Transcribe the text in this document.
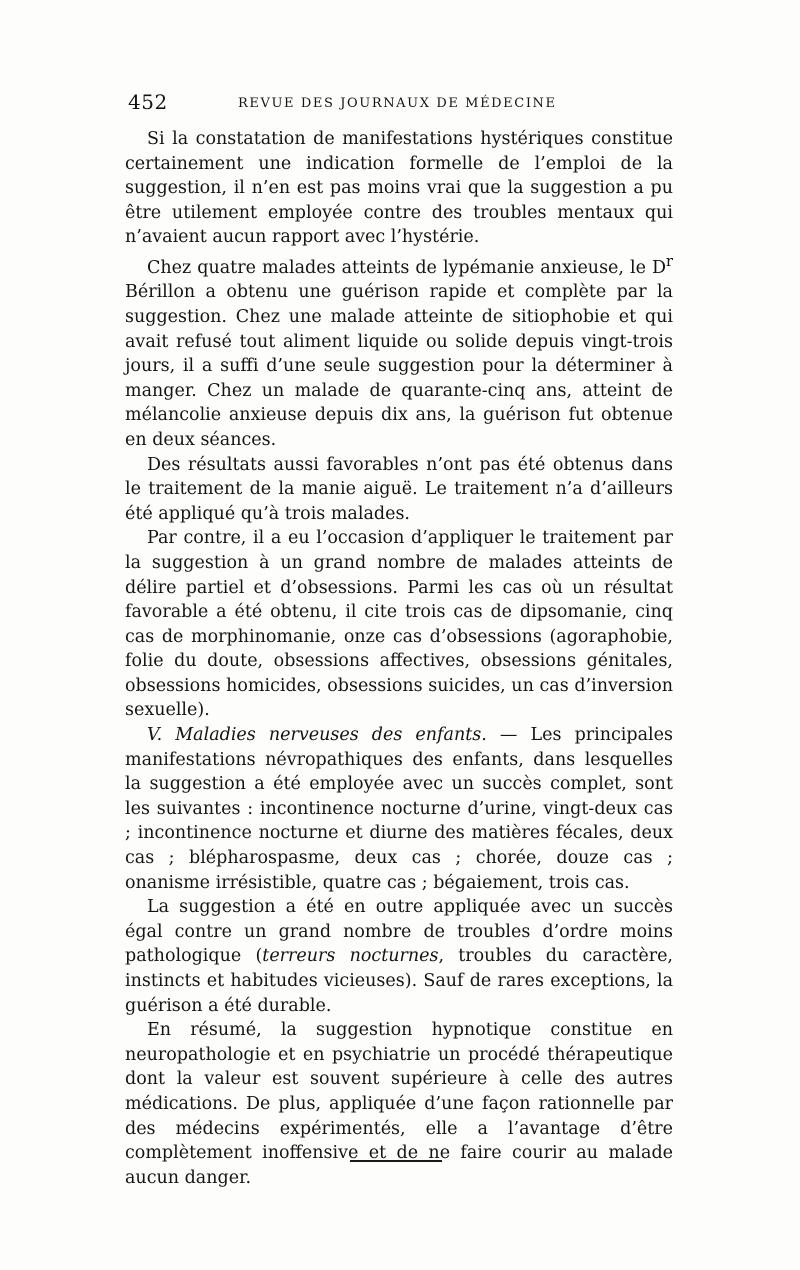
452	REVUE DES JOURNAUX DE MÉDECINE

Si la constatation de manifestations hystériques constitue certainement une indication formelle de l’emploi de la suggestion, il n’en est pas moins vrai que la suggestion a pu être utilement employée contre des troubles mentaux qui n’avaient aucun rapport avec l’hystérie.

Chez quatre malades atteints de lypémanie anxieuse, le $D^r$ Bérillon a obtenu une guérison rapide et complète par la suggestion. Chez une malade atteinte de sitiophobie et qui avait refusé tout aliment liquide ou solide depuis vingt-trois jours, il a suffi d’une seule suggestion pour la déterminer à manger. Chez un malade de quarante-cinq ans, atteint de mélancolie anxieuse depuis dix ans, la guérison fut obtenue en deux séances.

Des résultats aussi favorables n’ont pas été obtenus dans le traitement de la manie aiguë. Le traitement n’a d’ailleurs été appliqué qu’à trois malades.

Par contre, il a eu l’occasion d’appliquer le traitement par la suggestion à un grand nombre de malades atteints de délire partiel et d’obsessions. Parmi les cas où un résultat favorable a été obtenu, il cite trois cas de dipsomanie, cinq cas de morphinomanie, onze cas d’obsessions (agoraphobie, folie du doute, obsessions affectives, obsessions génitales, obsessions homicides, obsessions suicides, un cas d’inversion sexuelle).

V. Maladies nerveuses des enfants. — Les principales manifestations névropathiques des enfants, dans lesquelles la suggestion a été employée avec un succès complet, sont les suivantes : incontinence nocturne d’urine, vingt-deux cas ; incontinence nocturne et diurne des matières fécales, deux cas ; blépharospasme, deux cas ; chorée, douze cas ; onanisme irrésistible, quatre cas ; bégaiement, trois cas.

La suggestion a été en outre appliquée avec un succès égal contre un grand nombre de troubles d’ordre moins pathologique (terreurs nocturnes, troubles du caractère, instincts et habitudes vicieuses). Sauf de rares exceptions, la guérison a été durable.

En résumé, la suggestion hypnotique constitue en neuropathologie et en psychiatrie un procédé thérapeutique dont la valeur est souvent supérieure à celle des autres médications. De plus, appliquée d’une façon rationnelle par des médecins expérimentés, elle a l’avantage d’être complètement inoffensive et de ne faire courir au malade aucun danger.
